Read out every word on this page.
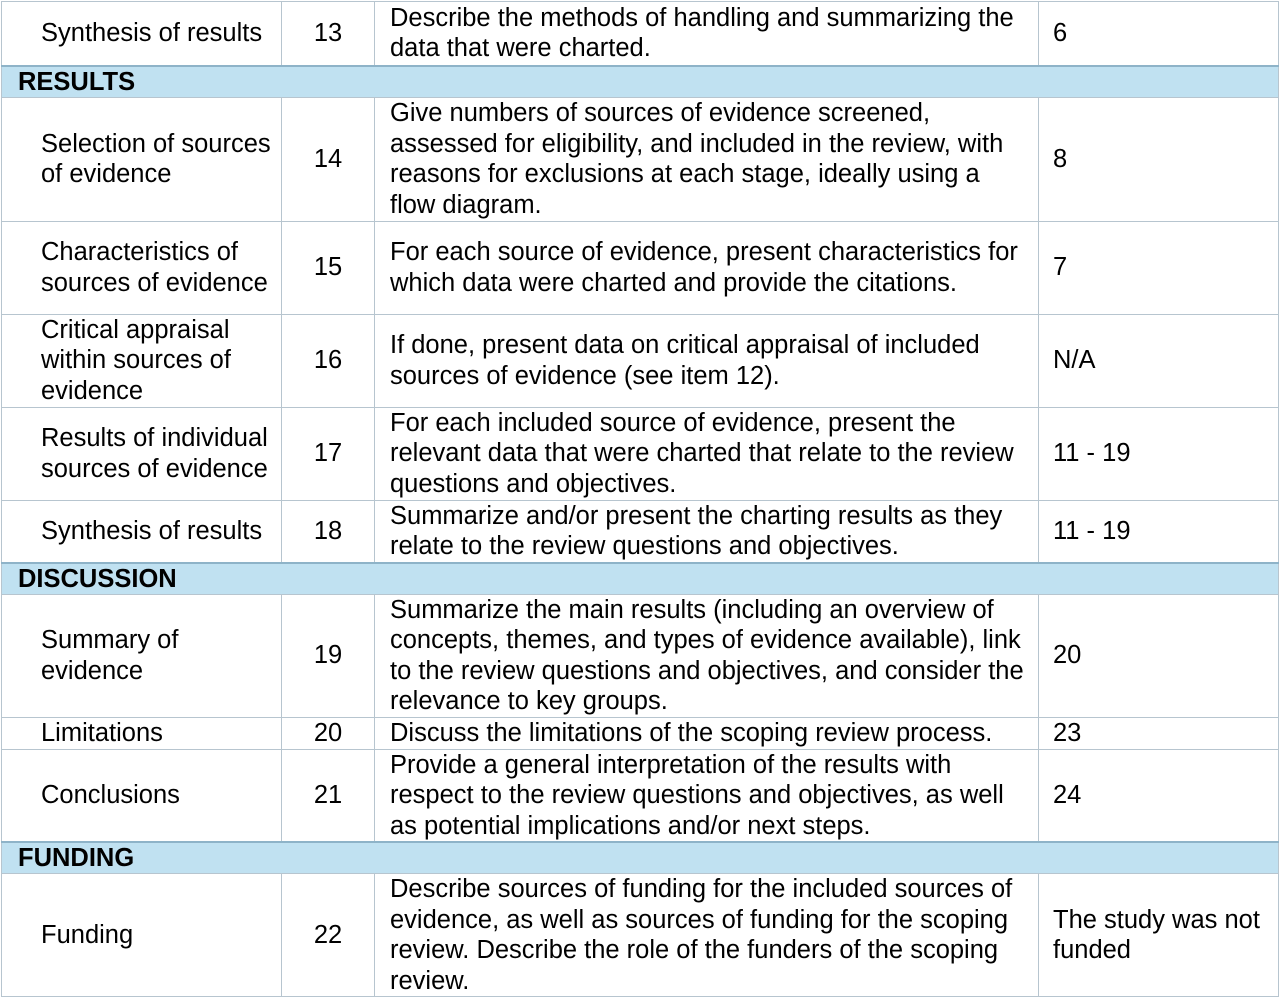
Synthesis of results	13	Describe the methods of handling and summarizing the data that were charted.	6
RESULTS			
Selection of sources of evidence	14	Give numbers of sources of evidence screened, assessed for eligibility, and included in the review, with reasons for exclusions at each stage, ideally using a flow diagram.	8
Characteristics of sources of evidence	15	For each source of evidence, present characteristics for which data were charted and provide the citations.	7
Critical appraisal within sources of evidence	16	If done, present data on critical appraisal of included sources of evidence (see item 12).	N/A
Results of individual sources of evidence	17	For each included source of evidence, present the relevant data that were charted that relate to the review questions and objectives.	11 - 19
Synthesis of results	18	Summarize and/or present the charting results as they relate to the review questions and objectives.	11 - 19
DISCUSSION			
Summary of evidence	19	Summarize the main results (including an overview of concepts, themes, and types of evidence available), link to the review questions and objectives, and consider the relevance to key groups.	20
Limitations	20	Discuss the limitations of the scoping review process.	23
Conclusions	21	Provide a general interpretation of the results with respect to the review questions and objectives, as well as potential implications and/or next steps.	24
FUNDING			
Funding	22	Describe sources of funding for the included sources of evidence, as well as sources of funding for the scoping review. Describe the role of the funders of the scoping review.	The study was not funded
